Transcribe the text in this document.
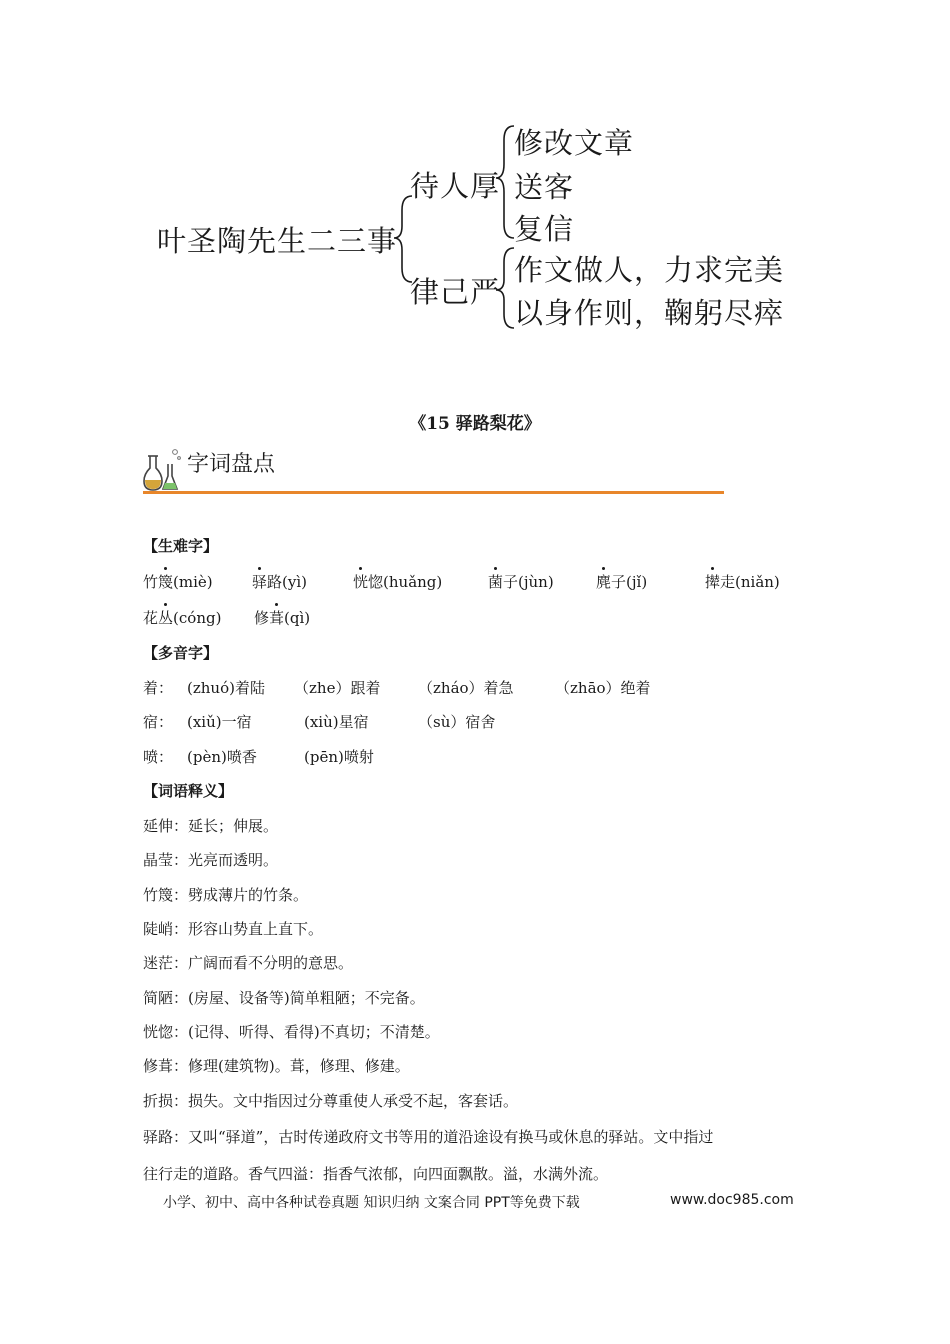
叶圣陶先生二三事
待人厚
律己严
修改文章
送客
复信
作文做人，力求完美
以身作则，鞠躬尽瘁
《15 驿路梨花》
字词盘点
【生难字】
竹篾(miè)	驿路(yì)	恍惚(huǎng)	菌子(jùn)	麂子(jǐ)	撵走(niǎn)
花丛(cóng) 修葺(qì)
【多音字】
着： (zhuó)着陆 （zhe）跟着	（zháo）着急	（zhāo）绝着
宿： (xiǔ)一宿	(xiù)星宿	（sù）宿舍
喷： (pèn)喷香	(pēn)喷射
【词语释义】
延伸：延长；伸展。
晶莹：光亮而透明。
竹篾：劈成薄片的竹条。
陡峭：形容山势直上直下。
迷茫：广阔而看不分明的意思。
简陋：(房屋、设备等)简单粗陋；不完备。
恍惚：(记得、听得、看得)不真切；不清楚。
修葺：修理(建筑物)。葺，修理、修建。
折损：损失。文中指因过分尊重使人承受不起，客套话。
驿路：又叫“驿道”，古时传递政府文书等用的道沿途设有换马或休息的驿站。文中指过
往行走的道路。香气四溢：指香气浓郁，向四面飘散。溢，水满外流。
小学、初中、高中各种试卷真题 知识归纳 文案合同 PPT等免费下载	www.doc985.com
